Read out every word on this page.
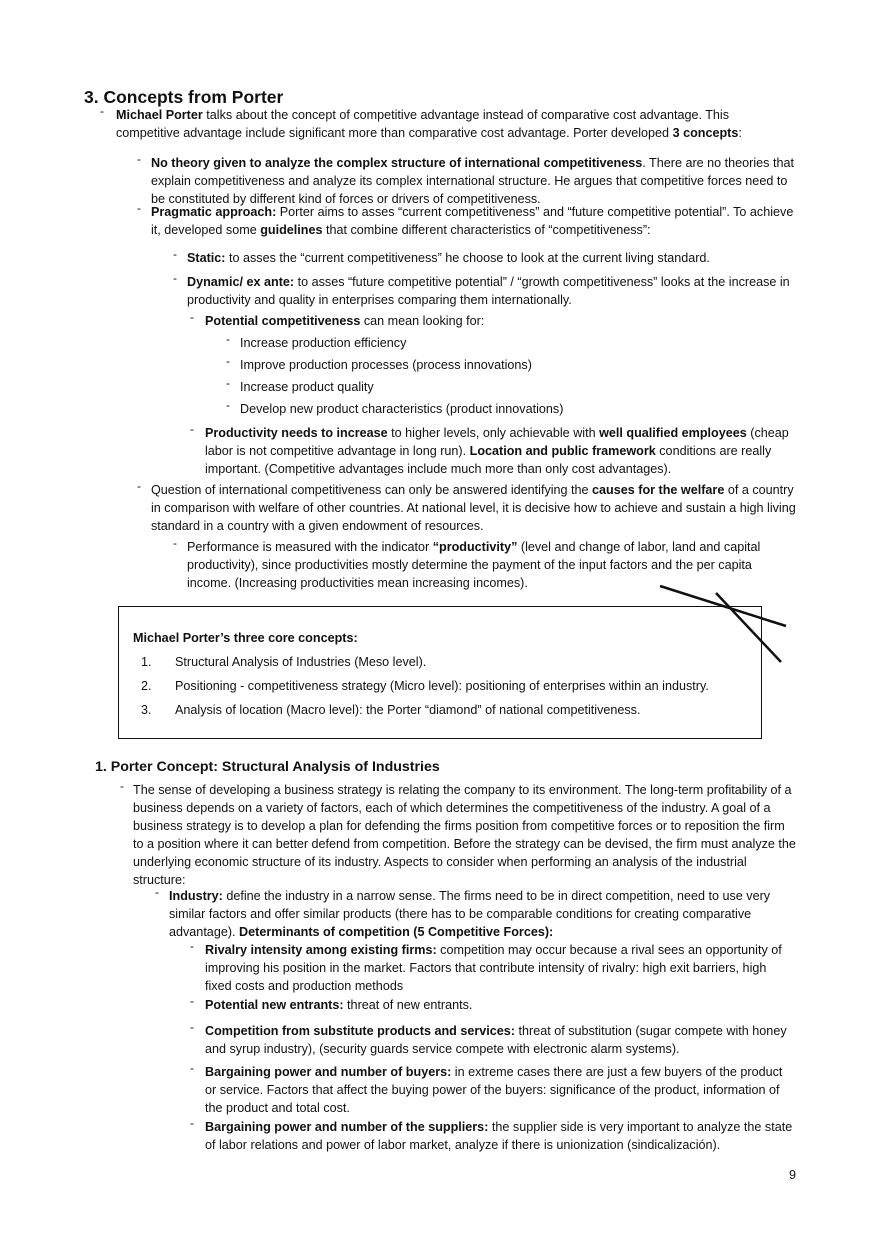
3. Concepts from Porter
- Michael Porter talks about the concept of competitive advantage instead of comparative cost advantage. This competitive advantage include significant more than comparative cost advantage. Porter developed 3 concepts:
- No theory given to analyze the complex structure of international competitiveness. There are no theories that explain competitiveness and analyze its complex international structure. He argues that competitive forces need to be constituted by different kind of forces or drivers of competitiveness.
- Pragmatic approach: Porter aims to asses “current competitiveness” and “future competitive potential”. To achieve it, developed some guidelines that combine different characteristics of “competitiveness”:
- Static: to asses the “current competitiveness” he choose to look at the current living standard.
- Dynamic/ ex ante: to asses “future competitive potential” / “growth competitiveness” looks at the increase in productivity and quality in enterprises comparing them internationally.
- Potential competitiveness can mean looking for:
- Increase production efficiency
- Improve production processes (process innovations)
- Increase product quality
- Develop new product characteristics (product innovations)
- Productivity needs to increase to higher levels, only achievable with well qualified employees (cheap labor is not competitive advantage in long run). Location and public framework conditions are really important. (Competitive advantages include much more than only cost advantages).
- Question of international competitiveness can only be answered identifying the causes for the welfare of a country in comparison with welfare of other countries. At national level, it is decisive how to achieve and sustain a high living standard in a country with a given endowment of resources.
- Performance is measured with the indicator “productivity” (level and change of labor, land and capital productivity), since productivities mostly determine the payment of the input factors and the per capita income. (Increasing productivities mean increasing incomes).
Michael Porter’s three core concepts:
1. Structural Analysis of Industries (Meso level).
2. Positioning - competitiveness strategy (Micro level): positioning of enterprises within an industry.
3. Analysis of location (Macro level): the Porter “diamond” of national competitiveness.
1. Porter Concept: Structural Analysis of Industries
- The sense of developing a business strategy is relating the company to its environment. The long-term profitability of a business depends on a variety of factors, each of which determines the competitiveness of the industry. A goal of a business strategy is to develop a plan for defending the firms position from competitive forces or to reposition the firm to a position where it can better defend from competition. Before the strategy can be devised, the firm must analyze the underlying economic structure of its industry. Aspects to consider when performing an analysis of the industrial structure:
- Industry: define the industry in a narrow sense. The firms need to be in direct competition, need to use very similar factors and offer similar products (there has to be comparable conditions for creating comparative advantage). Determinants of competition (5 Competitive Forces):
- Rivalry intensity among existing firms: competition may occur because a rival sees an opportunity of improving his position in the market. Factors that contribute intensity of rivalry: high exit barriers, high fixed costs and production methods
- Potential new entrants: threat of new entrants.
- Competition from substitute products and services: threat of substitution (sugar compete with honey and syrup industry), (security guards service compete with electronic alarm systems).
- Bargaining power and number of buyers: in extreme cases there are just a few buyers of the product or service. Factors that affect the buying power of the buyers: significance of the product, information of the product and total cost.
- Bargaining power and number of the suppliers: the supplier side is very important to analyze the state of labor relations and power of labor market, analyze if there is unionization (sindicalización).
9
